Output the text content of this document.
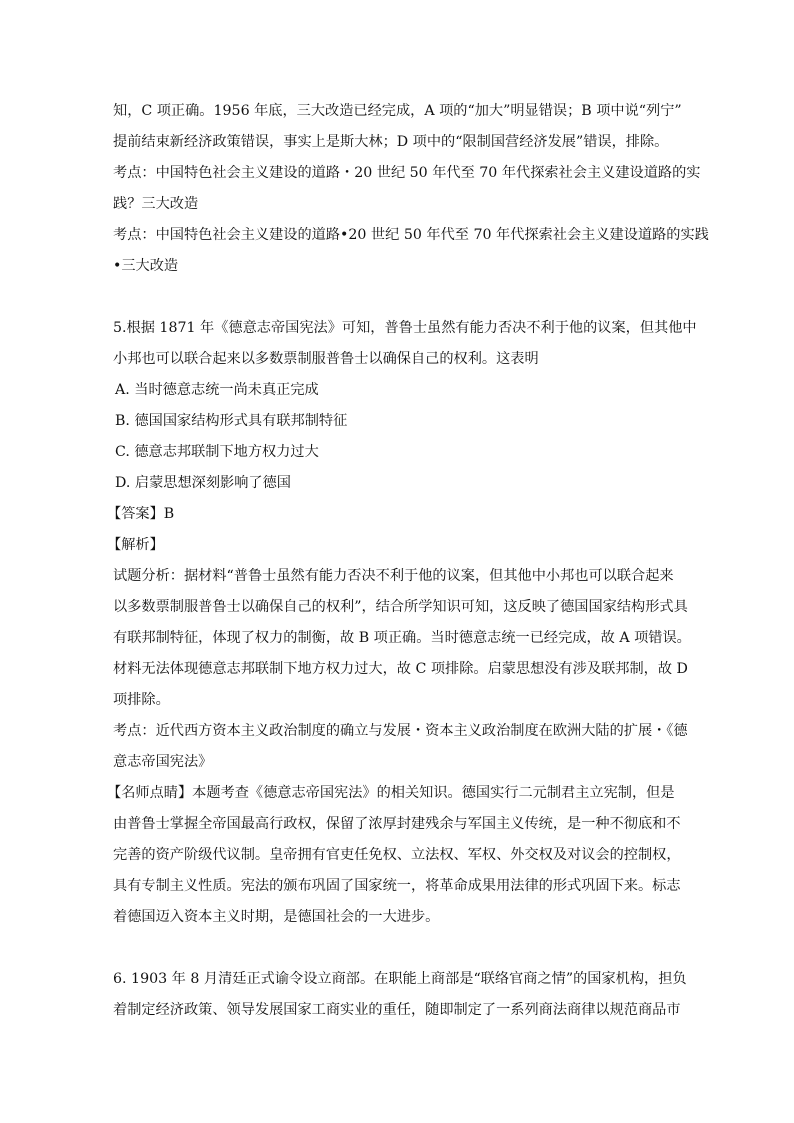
知，C 项正确。1956 年底，三大改造已经完成，A 项的“加大”明显错误；B 项中说“列宁”
提前结束新经济政策错误，事实上是斯大林；D 项中的“限制国营经济发展”错误，排除。
考点：中国特色社会主义建设的道路・20 世纪 50 年代至 70 年代探索社会主义建设道路的实
践？三大改造
考点：中国特色社会主义建设的道路•20 世纪 50 年代至 70 年代探索社会主义建设道路的实践
•三大改造
5.根据 1871 年《德意志帝国宪法》可知，普鲁士虽然有能力否决不利于他的议案，但其他中
小邦也可以联合起来以多数票制服普鲁士以确保自己的权利。这表明
A. 当时德意志统一尚未真正完成
B. 德国国家结构形式具有联邦制特征
C. 德意志邦联制下地方权力过大
D. 启蒙思想深刻影响了德国
【答案】B
【解析】
试题分析：据材料“普鲁士虽然有能力否决不利于他的议案，但其他中小邦也可以联合起来
以多数票制服普鲁士以确保自己的权利”，结合所学知识可知，这反映了德国国家结构形式具
有联邦制特征，体现了权力的制衡，故 B 项正确。当时德意志统一已经完成，故 A 项错误。
材料无法体现德意志邦联制下地方权力过大，故 C 项排除。启蒙思想没有涉及联邦制，故 D
项排除。
考点：近代西方资本主义政治制度的确立与发展・资本主义政治制度在欧洲大陆的扩展・《德
意志帝国宪法》
【名师点睛】本题考查《德意志帝国宪法》的相关知识。德国实行二元制君主立宪制，但是
由普鲁士掌握全帝国最高行政权，保留了浓厚封建残余与军国主义传统，是一种不彻底和不
完善的资产阶级代议制。皇帝拥有官吏任免权、立法权、军权、外交权及对议会的控制权，
具有专制主义性质。宪法的颁布巩固了国家统一，将革命成果用法律的形式巩固下来。标志
着德国迈入资本主义时期，是德国社会的一大进步。
6. 1903 年 8 月清廷正式谕令设立商部。在职能上商部是“联络官商之情”的国家机构，担负
着制定经济政策、领导发展国家工商实业的重任，随即制定了一系列商法商律以规范商品市
